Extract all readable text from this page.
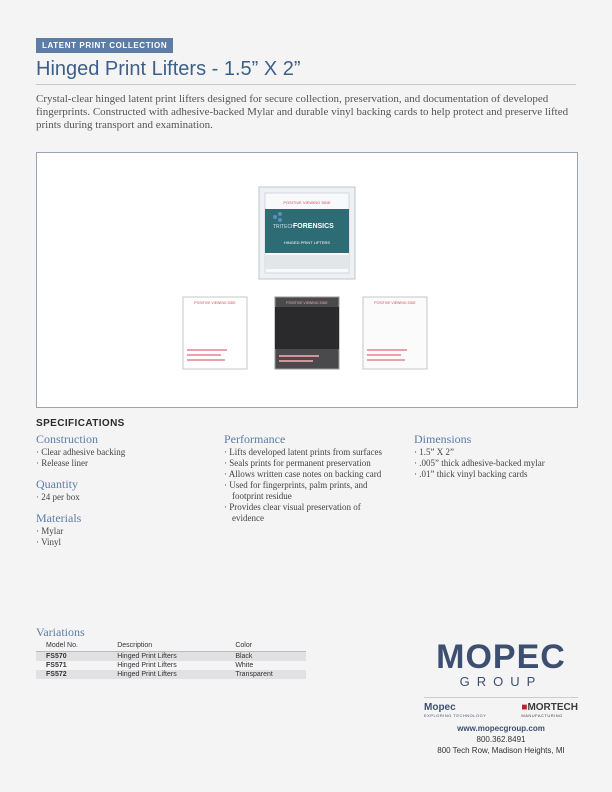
LATENT PRINT COLLECTION
Hinged Print Lifters - 1.5” X 2”
Crystal-clear hinged latent print lifters designed for secure collection, preservation, and documentation of developed fingerprints. Constructed with adhesive-backed Mylar and durable vinyl backing cards to help protect and preserve lifted prints during transport and examination.
POSITIVE VIEWING SIDE
TRITECH
FORENSICS
HINGED PRINT LIFTERS
POSITIVE VIEWING SIDE	POSITIVE VIEWING SIDE	POSITIVE VIEWING SIDE
SPECIFICATIONS
Construction
· Clear adhesive backing
· Release liner
Quantity
· 24 per box
Materials
· Mylar
· Vinyl
Performance
· Lifts developed latent prints from surfaces
· Seals prints for permanent preservation
· Allows written case notes on backing card
· Used for fingerprints, palm prints, and footprint residue
· Provides clear visual preservation of evidence
Dimensions
· 1.5” X 2”
· .005” thick adhesive-backed mylar
· .01” thick vinyl backing cards
Variations
Model No.	Description	Color
FS570	Hinged Print Lifters	Black
FS571	Hinged Print Lifters	White
FS572	Hinged Print Lifters	Transparent	MOPEC
GROUP
Mopec
EXPLORING TECHNOLOGY
■MORTECH
MANUFACTURING
www.mopecgroup.com
800.362.8491
800 Tech Row, Madison Heights, MI
